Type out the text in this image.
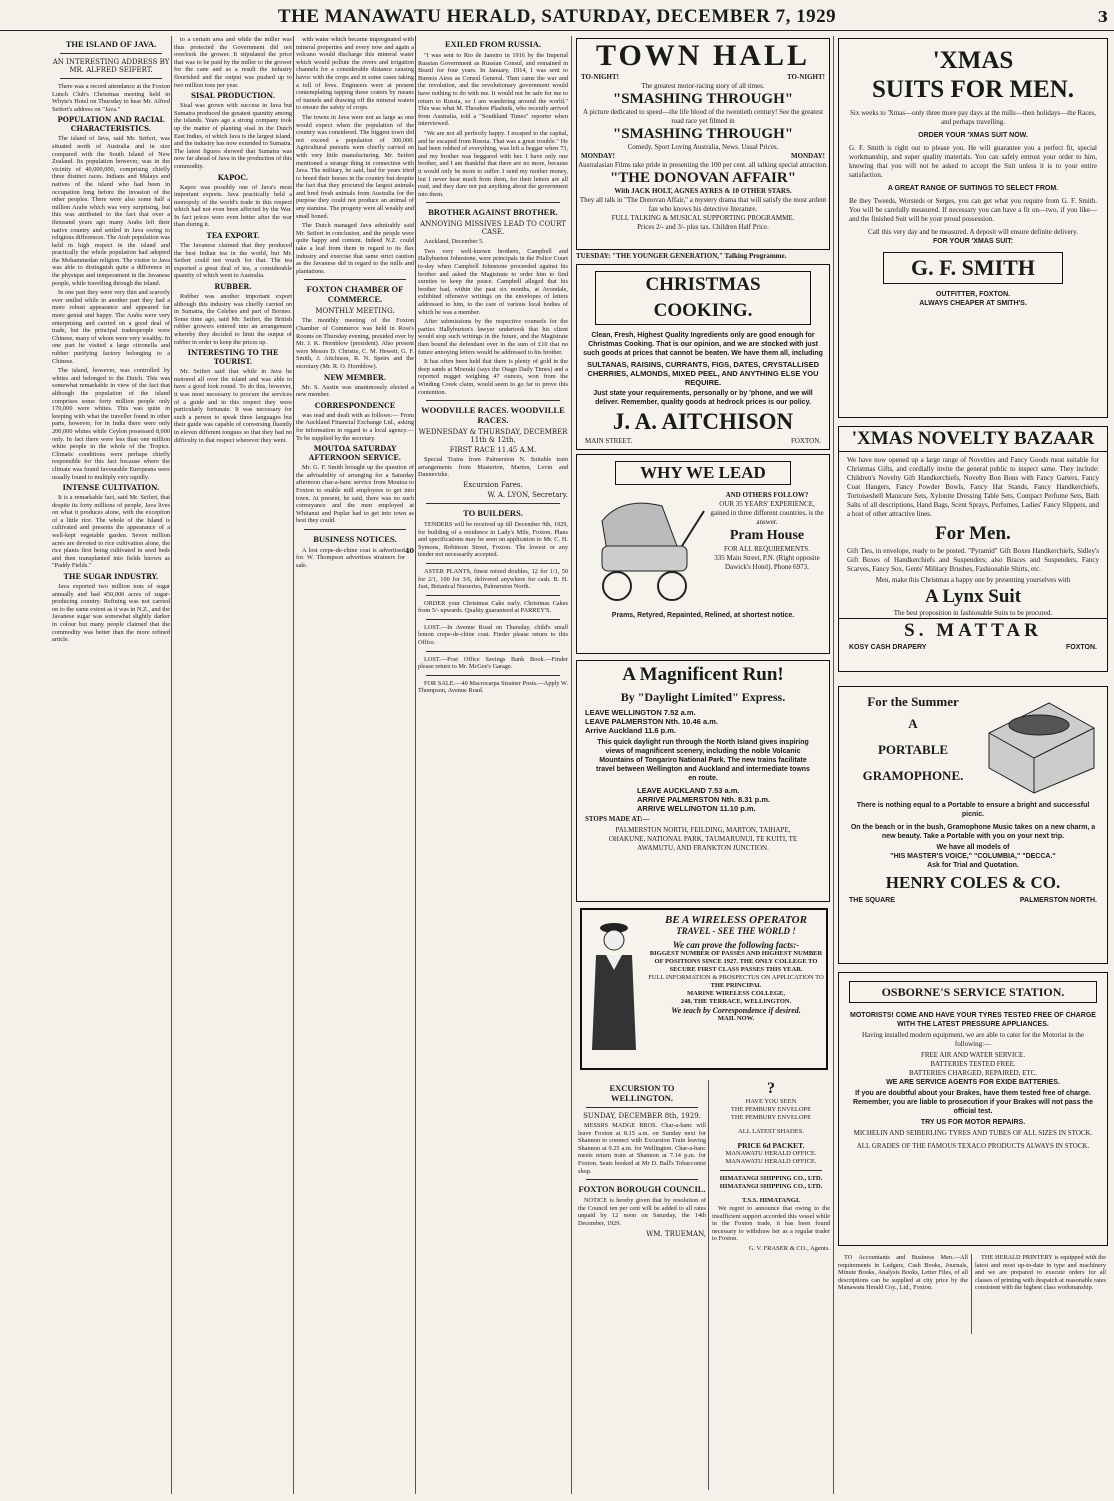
THE MANAWATU HERALD, SATURDAY, DECEMBER 7, 1929	3
THE ISLAND OF JAVA.
AN INTERESTING ADDRESS BY MR. ALFRED SEIFERT.

There was a record attendance at the Foxton Lunch Club's Christmas meeting held in Whyte's Hotel on Thursday to hear Mr. Alfred Seifert's address on "Java."

POPULATION AND RACIAL CHARACTERISTICS.

The island of Java, said Mr. Seifert, was situated north of Australia and in size compared with the South Island of New Zealand. Its population however, was in the vicinity of 40,000,000, comprising chiefly three distinct races. Indians and Malays and natives of the island who had been in occupation long before the invasion of the other peoples. There were also some half a million Arabs which was very surprising, but this was attributed to the fact that over a thousand years ago many Arabs left their native country and settled in Java owing to religious differences. The Arab population was held in high respect in the island and practically the whole population had adopted the Mohammedan religion. The visitor to Java was able to distinguish quite a difference in the physique and temperament in the Javanese people, while travelling through the island.

In one part they were very thin and scarcely ever smiled while in another part they had a more robust appearance and appeared far more genial and happy. The Arabs were very enterprising and carried on a good deal of trade, but the principal tradespeople were Chinese, many of whom were very wealthy. In one part he visited a large citronella and rubber purifying factory belonging to a Chinese.

The island, however, was controlled by whites and belonged to the Dutch. This was somewhat remarkable in view of the fact that although the population of the island comprises some forty million people only 170,000 were whites. This was quite in keeping with what the traveller found in other parts, however, for in India there were only 200,000 whites while Ceylon possessed 8,000 only. In fact there were less than one million white people in the whole of the Tropics. Climatic conditions were perhaps chiefly responsible for this fact because where the climate was found favourable Europeans were usually found to multiply very rapidly.

INTENSE CULTIVATION.

It is a remarkable fact, said Mr. Seifert, that despite its forty millions of people, Java lives on what it produces alone, with the exception of a little rice. The whole of the Island is cultivated and presents the appearance of a well-kept vegetable garden. Seven million acres are devoted to rice cultivation alone, the rice plants first being cultivated in seed beds and then transplanted into fields known as "Paddy Fields."

THE SUGAR INDUSTRY.

Java exported two million tons of sugar annually and had 450,000 acres of sugar-producing country. Refining was not carried on to the same extent as it was in N.Z., and the Javanese sugar was somewhat slightly darker in colour but many people claimed that the commodity was better than the more refined article.

to a certain area and while the miller was thus protected the Government did not overlook the grower. It stipulated the price that was to be paid by the miller to the grower for the cane and as a result the industry flourished and the output was pushed up to two million tons per year.

SISAL PRODUCTION.

Sisal was grown with success in Java but Sumatra produced the greatest quantity among the islands. Years ago a strong company took up the matter of planting sisal in the Dutch East Indies, of which Java is the largest island, and the industry has now extended to Sumatra. The latest figures showed that Sumatra was now far ahead of Java in the production of this commodity.

KAPOC.

Kapoc was possibly one of Java's most important exports. Java practically held a monopoly of the world's trade in this respect which had not even been affected by the War. In fact prices were even better after the war than during it.

TEA EXPORT.

The Javanese claimed that they produced the best Indian tea in the world, but Mr. Seifert could not vouch for that. The tea exported a great deal of tea, a considerable quantity of which went to Australia.

RUBBER.

Rubber was another important export although this industry was chiefly carried on in Sumatra, the Celebes and part of Borneo. Some time ago, said Mr. Seifert, the British rubber growers entered into an arrangement whereby they decided to limit the output of rubber in order to keep the prices up.

INTERESTING TO THE TOURIST.

Mr. Seifert said that while in Java he motored all over the island and was able to have a good look round. To do this, however, it was most necessary to procure the services of a guide and in this respect they were particularly fortunate. It was necessary for such a person to speak three languages but their guide was capable of conversing fluently in eleven different tongues so that they had no difficulty in that respect wherever they went.

with water which became impregnated with mineral properties and every now and again a volcano would discharge this mineral water which would pollute the rivers and irrigation channels for a considerable distance causing havoc with the crops and in some cases taking a toll of lives. Engineers were at present contemplating tapping these craters by means of tunnels and drawing off the mineral waters to ensure the safety of crops.

The towns in Java were not as large as one would expect when the population of the country was considered. The biggest town did not exceed a population of 300,000. Agricultural pursuits were chiefly carried on with very little manufacturing. Mr. Seifert mentioned a strange thing in connection with Java. The military, he said, had for years tried to breed their horses in the country but despite the fact that they procured the largest animals and bred fresh animals from Australia for the purpose they could not produce an animal of any stamina. The progeny were all weakly and small boned.

The Dutch managed Java admirably said Mr. Seifert in conclusion, and the people were quite happy and content. Indeed N.Z. could take a leaf from them in regard to its flax industry and exercise that same strict caution as the Javanese did in regard to the mills and plantations.

FOXTON CHAMBER OF COMMERCE.
MONTHLY MEETING.

The monthly meeting of the Foxton Chamber of Commerce was held in Ross's Rooms on Thursday evening, presided over by Mr. J. K. Hornblow (president). Also present were Messrs D. Christie, C. M. Hewett, G. F. Smith, J. Aitchison, R. N. Speirs and the secretary (Mr. R. O. Hornblow).

NEW MEMBER.

Mr. S. Austin was unanimously elected a new member.

CORRESPONDENCE

was read and dealt with as follows:— From the Auckland Financial Exchange Ltd., asking for information in regard to a local agency.—To be supplied by the secretary.

MOUTOA SATURDAY AFTERNOON SERVICE.

Mr. G. F. Smith brought up the question of the advisability of arranging for a Saturday afternoon char-a-banc service from Moutoa to Foxton to enable mill employees to get into town. At present, he said, there was no such conveyance and the men employed at Whitanui and Poplar had to get into town as best they could.

BUSINESS NOTICES.

A lost crepe-de-chine coat is advertised for. W. Thompson advertises strainers for sale.

40
EXILED FROM RUSSIA.

"I was sent to Rio de Janeiro in 1916 by the Imperial Russian Government as Russian Consul, and remained in Brazil for four years. In January, 1914, I was sent to Buenos Aires as Consul General. Then came the war and the revolution, and the revolutionary government would have nothing to do with me. It would not be safe for me to return to Russia, so I am wandering around the world." This was what M. Theodore Plashnik, who recently arrived from Australia, told a "Southland Times" reporter when interviewed.

"We are not all perfectly happy. I escaped to the capital, and he escaped from Russia. That was a great trouble." He had been robbed of everything, was left a beggar when 73, and my brother was beggared with her. I have only one brother, and I am thankful that there are no more, because it would only be more to suffer. I send my mother money, but I never hear much from them, for their letters are all read, and they dare not put anything about the government into them.

BROTHER AGAINST BROTHER.
ANNOYING MISSIVES LEAD TO COURT CASE.

Auckland, December 5.

Two very well-known brothers, Campbell and Hallyburton Johnstone, were principals in the Police Court to-day when Campbell Johnstone proceeded against his brother and asked the Magistrate to order him to find sureties to keep the peace. Campbell alleged that his brother had, within the past six months, at Avondale, exhibited offensive writings on the envelopes of letters addressed to him, to the care of various local bodies of which he was a member.

After submissions by the respective counsels for the parties Hallyburton's lawyer undertook that his client would stop such writings in the future, and the Magistrate then bound the defendant over in the sum of £10 that no future annoying letters would be addressed to his brother.

It has often been held that there is plenty of gold in the deep sands at Moeraki (says the Otago Daily Times) and a reported nugget weighing 47 ounces, won from the Winding Creek claim, would seem to go far to prove this contention.

WOODVILLE RACES. WOODVILLE RACES.
WEDNESDAY & THURSDAY, DECEMBER 11th & 12th.
FIRST RACE 11.45 A.M.

Special Trains from Palmerston N. Suitable train arrangements from Masterton, Marton, Levin and Dannevirke.

Excursion Fares.
W. A. LYON, Secretary.
TO BUILDERS.

TENDERS will be received up till December 9th, 1929, for building of a residence in Lady's Mile, Foxton. Plans and specifications may be seen on application to Mr. C. H. Symons, Robinson Street, Foxton. The lowest or any tender not necessarily accepted.

ASTER PLANTS, finest mixed doubles, 12 for 1/1, 50 for 2/1, 100 for 3/6, delivered anywhere for cash. B. H. Just, Botanical Nurseries, Palmerston North.

ORDER your Christmas Cake early. Christmas Cakes from 5/- upwards. Quality guaranteed at PARREY'S.

LOST.—In Avenue Road on Thursday, child's small lemon crepe-de-chine coat. Finder please return to this Office.

LOST.—Post Office Savings Bank Book.—Finder please return to Mr. McGee's Garage.

FOR SALE.—40 Macrocarpa Strainer Posts.—Apply W. Thompson, Avenue Road.

TOWN HALL
TO-NIGHT!	TO-NIGHT!
The greatest motor-racing story of all times.
"SMASHING THROUGH"
A picture dedicated to speed—the life blood of the twentieth century! See the greatest road race yet filmed in
"SMASHING THROUGH"
Comedy, Sport Loving Australia, News. Usual Prices.
MONDAY!	MONDAY!
Australasian Films take pride in presenting the 100 per cent. all talking special attraction.
"THE DONOVAN AFFAIR"
With JACK HOLT, AGNES AYRES & 10 OTHER STARS.
They all talk in "The Donovan Affair," a mystery drama that will satisfy the most ardent fan who knows his detective literature.
FULL TALKING & MUSICAL SUPPORTING PROGRAMME.
Prices 2/- and 3/- plus tax. Children Half Price.
TUESDAY: "THE YOUNGER GENERATION," Talking Programme.
CHRISTMAS COOKING.
Clean, Fresh, Highest Quality Ingredients only are good enough for Christmas Cooking. That is our opinion, and we are stocked with just such goods at prices that cannot be beaten. We have them all, including
SULTANAS, RAISINS, CURRANTS, FIGS, DATES, CRYSTALLISED CHERRIES, ALMONDS, MIXED PEEL, AND ANYTHING ELSE YOU REQUIRE.
Just state your requirements, personally or by 'phone, and we will deliver. Remember, quality goods at hedrock prices is our policy.
J. A. AITCHISON
MAIN STREET.	FOXTON.
WHY WE LEAD
AND OTHERS FOLLOW?
OUR 35 YEARS' EXPERIENCE, gained in three different countries, is the answer.
Pram House
FOR ALL REQUIREMENTS.
335 Main Street, P.N. (Right opposite Dawick's Hotel). Phone 6973.
Prams, Retyred, Repainted, Relined, at shortest notice.
A Magnificent Run!
By "Daylight Limited" Express.
LEAVE WELLINGTON 7.52 a.m.
LEAVE PALMERSTON Nth. 10.46 a.m.
Arrive Auckland 11.6 p.m.
This quick daylight run through the North Island gives inspiring views of magnificent scenery, including the noble Volcanic Mountains of Tongariro National Park. The new trains facilitate travel between Wellington and Auckland and intermediate towns en route.
LEAVE AUCKLAND 7.53 a.m.
ARRIVE PALMERSTON Nth. 8.31 p.m.
ARRIVE WELLINGTON 11.10 p.m.
STOPS MADE AT:—
PALMERSTON NORTH, FEILDING, MARTON, TAIHAPE, OHAKUNE, NATIONAL PARK, TAUMARUNUI, TE KUITI, TE AWAMUTU, AND FRANKTON JUNCTION.
BE A WIRELESS OPERATOR
TRAVEL - SEE THE WORLD !
We can prove the following facts:-
BIGGEST NUMBER OF PASSES AND HIGHEST NUMBER OF POSITIONS SINCE 1927. THE ONLY COLLEGE TO SECURE FIRST CLASS PASSES THIS YEAR.
FULL INFORMATION & PROSPECTUS ON APPLICATION TO
THE PRINCIPAL
MARINE WIRELESS COLLEGE,
248, THE TERRACE, WELLINGTON.
We teach by Correspondence if desired.
MAIL NOW.
EXCURSION TO WELLINGTON.
SUNDAY, DECEMBER 8th, 1929.

MESSRS MADGE BROS. Char-a-banc will leave Foxton at 8.15 a.m. on Sunday next for Shannon to connect with Excursion Train leaving Shannon at 9.25 a.m. for Wellington. Char-a-banc meets return train at Shannon at 7.14 p.m. for Foxton. Seats booked at Mr D. Ball's Tobacconist shop.

FOXTON BOROUGH COUNCIL.

NOTICE is hereby given that by resolution of the Council ten per cent will be added to all rates unpaid by 12 noon on Saturday, the 14th December, 1929.

WM. TRUEMAN,
?
HAVE YOU SEEN
THE PEMBURY ENVELOPE
THE PEMBURY ENVELOPE
ALL LATEST SHADES.
PRICE 6d PACKET.
MANAWATU HERALD OFFICE.
MANAWATU HERALD OFFICE.
HIMATANGI SHIPPING CO., LTD.
HIMATANGI SHIPPING CO., LTD.
T.S.S. HIMATANGI.

We regret to announce that owing to the insufficient support accorded this vessel while in the Foxton trade, it has been found necessary to withdraw her as a regular trader to Foxton.

G. V. FRASER & CO., Agents.
'XMAS
SUITS FOR MEN.
Six weeks to 'Xmas—only three more pay days at the mills—then holidays—the Races, and perhaps travelling.
ORDER YOUR 'XMAS SUIT NOW.
G. F. Smith is right out to please you. He will guarantee you a perfect fit, special workmanship, and super quality materials. You can safely entrust your order to him, knowing that you will not be asked to accept the Suit unless it is to your entire satisfaction.
A GREAT RANGE OF SUITINGS TO SELECT FROM.
Be they Tweeds, Worsteds or Serges, you can get what you require from G. F. Smith. You will be carefully measured. If necessary you can have a fit on—two, if you like—and the finished Suit will be your proud possession.
Call this very day and be measured. A deposit will ensure definite delivery.
FOR YOUR 'XMAS SUIT:
G. F. SMITH
OUTFITTER, FOXTON.
ALWAYS CHEAPER AT SMITH'S.
'XMAS NOVELTY BAZAAR
We have now opened up a large range of Novelties and Fancy Goods most suitable for Christmas Gifts, and cordially invite the general public to inspect same. They include: Children's Novelty Gift Handkerchiefs, Novelty Bon Bons with Fancy Garters, Fancy Coat Hangers, Fancy Powder Bowls, Fancy Hat Stands, Fancy Handkerchiefs, Tortoiseshell Manicure Sets, Xylonite Dressing Table Sets, Compact Perfume Sets, Bath Salts of all descriptions, Hand Bags, Scent Sprays, Perfumes, Ladies' Fancy Slippers, and a host of other attractive lines.
For Men.
Gift Ties, in envelope, ready to be posted. "Pyramid" Gift Boxes Handkerchiefs, Sidley's Gift Boxes of Handkerchiefs and Suspenders; also Braces and Suspenders, Fancy Scarves, Fancy Sox, Gents' Military Brushes, Fashionable Shirts, etc.
Men, make this Christmas a happy one by presenting yourselves with
A Lynx Suit
The best proposition in fashionable Suits to be procured.
S. MATTAR
KOSY CASH DRAPERY	FOXTON.
For the Summer
A
PORTABLE
GRAMOPHONE.
There is nothing equal to a Portable to ensure a bright and successful picnic.
On the beach or in the bush, Gramophone Music takes on a new charm, a new beauty. Take a Portable with you on your next trip.
We have all models of
"HIS MASTER'S VOICE," "COLUMBIA," "DECCA."
Ask for Trial and Quotation.
HENRY COLES & CO.
THE SQUARE	PALMERSTON NORTH.
OSBORNE'S SERVICE STATION.
MOTORISTS! COME AND HAVE YOUR TYRES TESTED FREE OF CHARGE WITH THE LATEST PRESSURE APPLIANCES.
Having installed modern equipment, we are able to cater for the Motorist in the following:—
FREE AIR AND WATER SERVICE.
BATTERIES TESTED FREE.
BATTERIES CHARGED, REPAIRED, ETC.
WE ARE SERVICE AGENTS FOR EXIDE BATTERIES.
If you are doubtful about your Brakes, have them tested free of charge. Remember, you are liable to prosecution if your Brakes will not pass the official test.
TRY US FOR MOTOR REPAIRS.
MICHELIN AND SEIBERLING TYRES AND TUBES OF ALL SIZES IN STOCK.
ALL GRADES OF THE FAMOUS TEXACO PRODUCTS ALWAYS IN STOCK.

TO Accountants and Business Men.—All requirements in Ledgers, Cash Books, Journals, Minute Books, Analysis Books, Letter Files, of all descriptions can be supplied at city price by the Manawatu Herald Coy., Ltd., Foxton.

THE HERALD PRINTERY is equipped with the latest and most up-to-date in type and machinery and we are prepared to execute orders for all classes of printing with despatch at reasonable rates consistent with the highest class workmanship.
